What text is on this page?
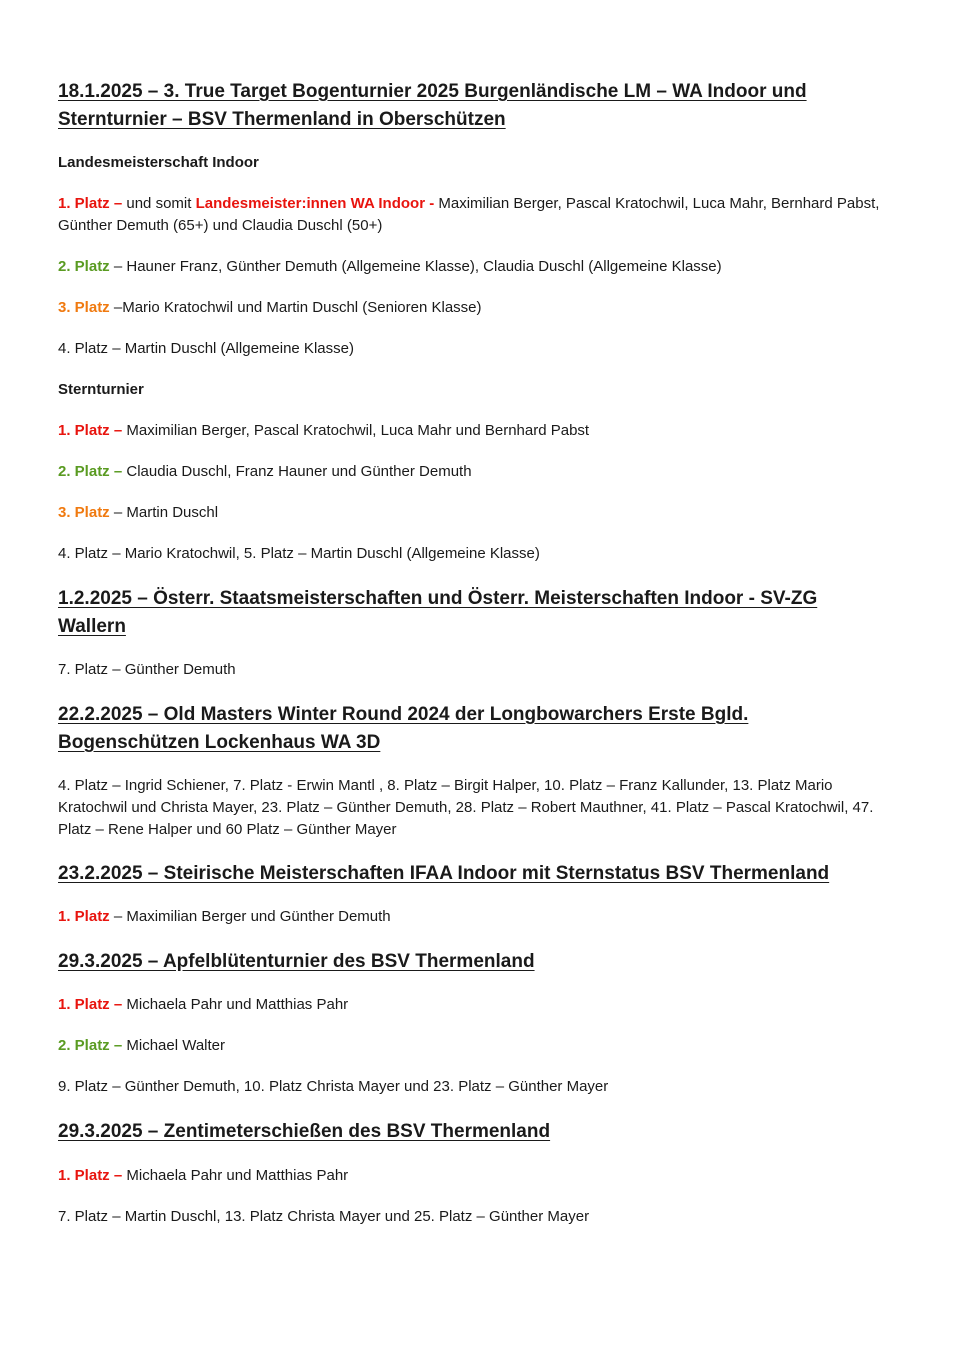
18.1.2025 – 3. True Target Bogenturnier 2025 Burgenländische LM – WA Indoor und Sternturnier – BSV Thermenland in Oberschützen

Landesmeisterschaft Indoor

1. Platz – und somit Landesmeister:innen WA Indoor - Maximilian Berger, Pascal Kratochwil, Luca Mahr, Bernhard Pabst, Günther Demuth (65+) und Claudia Duschl (50+)

2. Platz – Hauner Franz, Günther Demuth (Allgemeine Klasse), Claudia Duschl (Allgemeine Klasse)

3. Platz –Mario Kratochwil und Martin Duschl (Senioren Klasse)

4. Platz – Martin Duschl (Allgemeine Klasse)

Sternturnier

1. Platz – Maximilian Berger, Pascal Kratochwil, Luca Mahr und Bernhard Pabst

2. Platz – Claudia Duschl, Franz Hauner und Günther Demuth

3. Platz – Martin Duschl

4. Platz – Mario Kratochwil, 5. Platz – Martin Duschl (Allgemeine Klasse)

1.2.2025 – Österr. Staatsmeisterschaften und Österr. Meisterschaften Indoor - SV-ZG Wallern

7. Platz – Günther Demuth

22.2.2025 – Old Masters Winter Round 2024 der Longbowarchers Erste Bgld. Bogenschützen Lockenhaus WA 3D

4. Platz – Ingrid Schiener, 7. Platz - Erwin Mantl , 8. Platz – Birgit Halper, 10. Platz – Franz Kallunder, 13. Platz Mario Kratochwil und Christa Mayer, 23. Platz – Günther Demuth, 28. Platz – Robert Mauthner, 41. Platz – Pascal Kratochwil, 47. Platz – Rene Halper und 60 Platz – Günther Mayer

23.2.2025 – Steirische Meisterschaften IFAA Indoor mit Sternstatus BSV Thermenland

1. Platz – Maximilian Berger und Günther Demuth

29.3.2025 – Apfelblütenturnier des BSV Thermenland

1. Platz – Michaela Pahr und Matthias Pahr

2. Platz – Michael Walter

9. Platz – Günther Demuth, 10. Platz Christa Mayer und 23. Platz – Günther Mayer

29.3.2025 – Zentimeterschießen des BSV Thermenland

1. Platz – Michaela Pahr und Matthias Pahr

7. Platz – Martin Duschl, 13. Platz Christa Mayer und 25. Platz – Günther Mayer
